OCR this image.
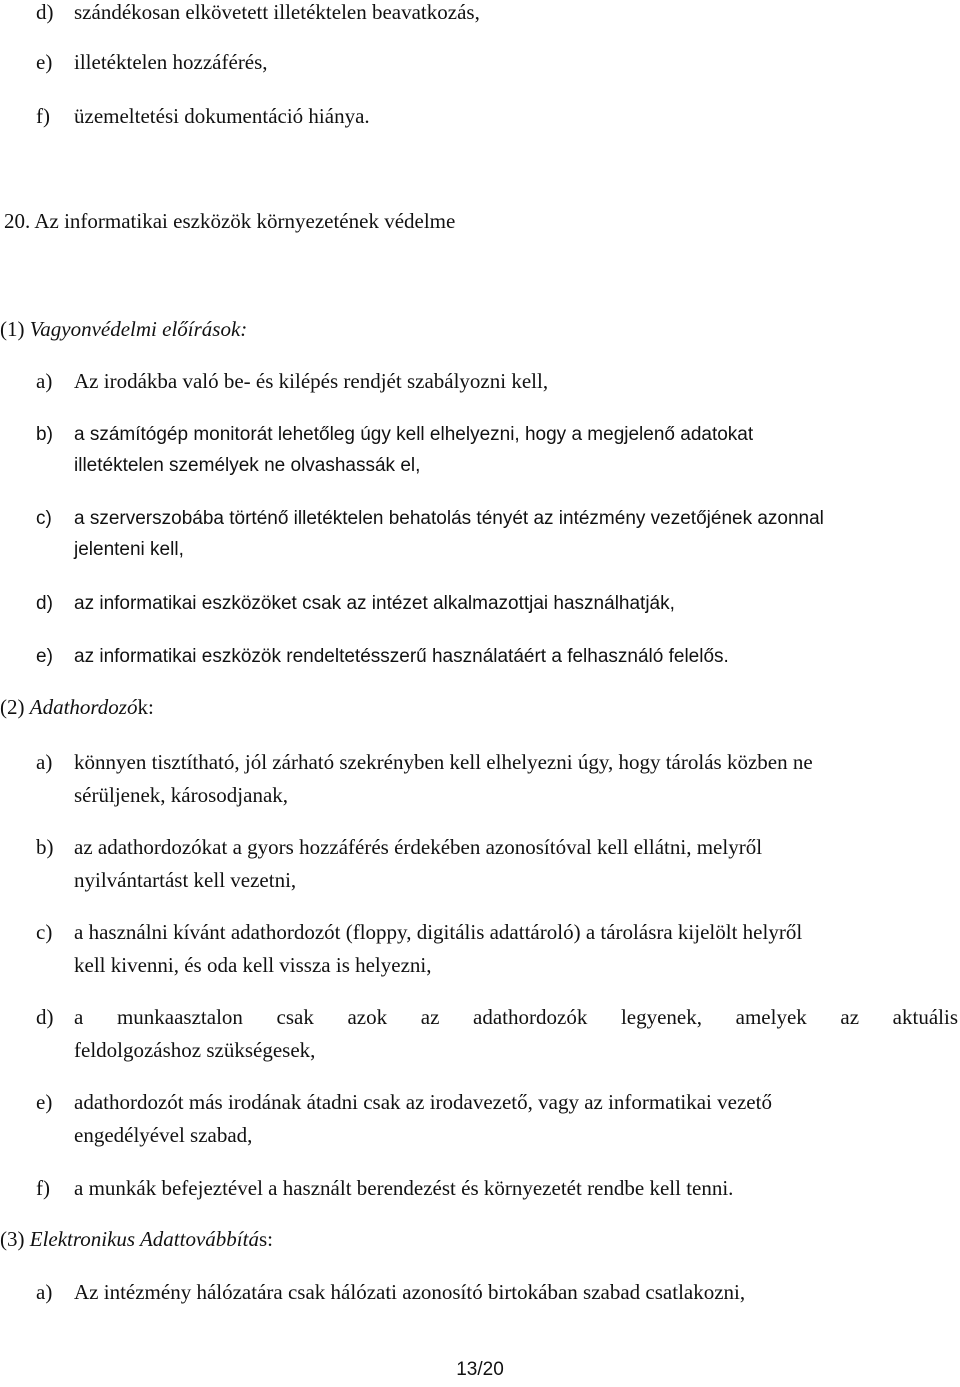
d) szándékosan elkövetett illetéktelen beavatkozás,
e) illetéktelen hozzáférés,
f) üzemeltetési dokumentáció hiánya.
20. Az informatikai eszközök környezetének védelme
(1) Vagyonvédelmi előírások:
a) Az irodákba való be- és kilépés rendjét szabályozni kell,
b) a számítógép monitorát lehetőleg úgy kell elhelyezni, hogy a megjelenő adatokat
illetéktelen személyek ne olvashassák el,
c) a szerverszobába történő illetéktelen behatolás tényét az intézmény vezetőjének azonnal
jelenteni kell,
d) az informatikai eszközöket csak az intézet alkalmazottjai használhatják,
e) az informatikai eszközök rendeltetésszerű használatáért a felhasználó felelős.
(2) Adathordozók:
a) könnyen tisztítható, jól zárható szekrényben kell elhelyezni úgy, hogy tárolás közben ne
sérüljenek, károsodjanak,
b) az adathordozókat a gyors hozzáférés érdekében azonosítóval kell ellátni, melyről
nyilvántartást kell vezetni,
c) a használni kívánt adathordozót (floppy, digitális adattároló) a tárolásra kijelölt helyről
kell kivenni, és oda kell vissza is helyezni,
d) a munkaasztalon csak azok az adathordozók legyenek, amelyek az aktuális
feldolgozáshoz szükségesek,
e) adathordozót más irodának átadni csak az irodavezető, vagy az informatikai vezető
engedélyével szabad,
f) a munkák befejeztével a használt berendezést és környezetét rendbe kell tenni.
(3) Elektronikus Adattovábbítás:
a) Az intézmény hálózatára csak hálózati azonosító birtokában szabad csatlakozni,
13/20
